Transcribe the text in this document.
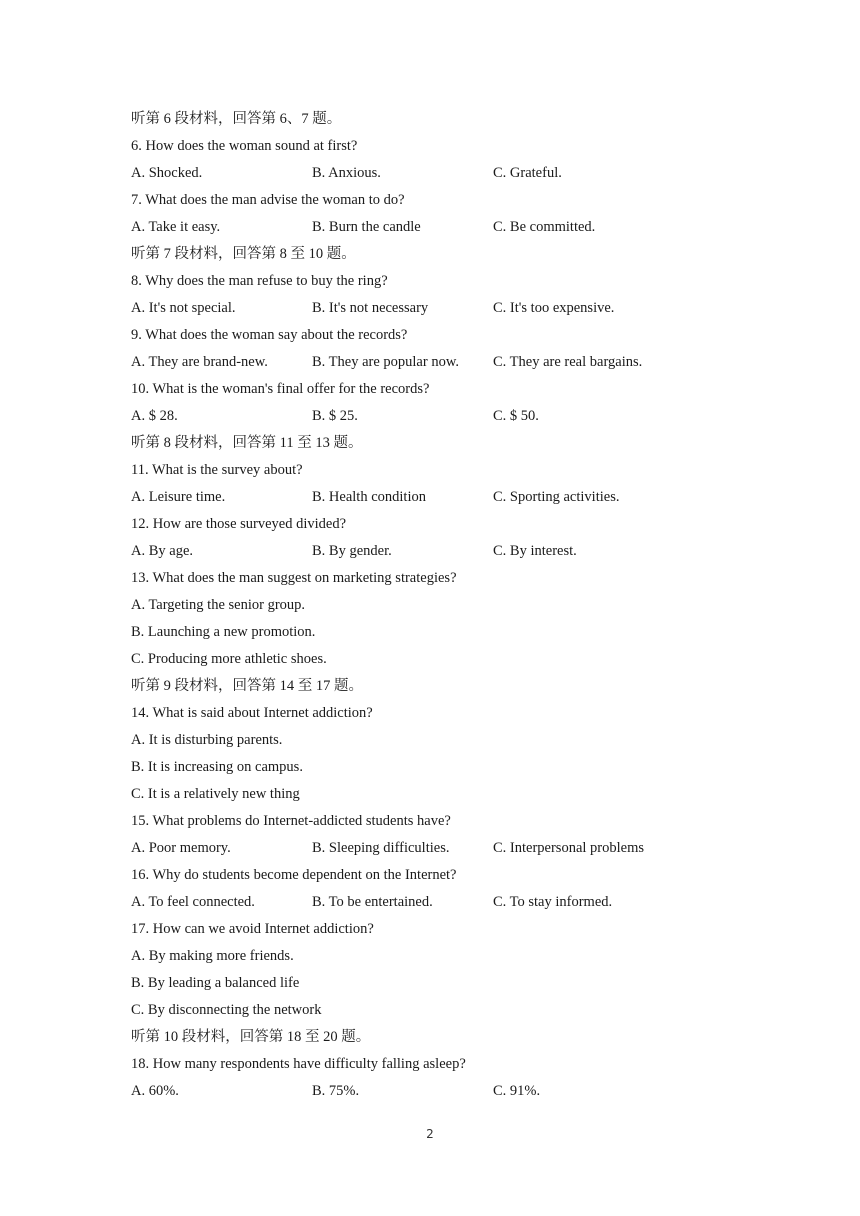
听第 6 段材料，回答第 6、7 题。
6. How does the woman sound at first?
A. Shocked.	B. Anxious.	C. Grateful.
7. What does the man advise the woman to do?
A. Take it easy.	B. Burn the candle	C. Be committed.
听第 7 段材料，回答第 8 至 10 题。
8. Why does the man refuse to buy the ring?
A. It's not special.	B. It's not necessary	C. It's too expensive.
9. What does the woman say about the records?
A. They are brand-new.	B. They are popular now. C. They are real bargains.
10. What is the woman's final offer for the records?
A. $ 28.	B. $ 25.	C. $ 50.
听第 8 段材料，回答第 11 至 13 题。
11. What is the survey about?
A. Leisure time.	B. Health condition	C. Sporting activities.
12. How are those surveyed divided?
A. By age.	B. By gender.	C. By interest.
13. What does the man suggest on marketing strategies?
A. Targeting the senior group.
B. Launching a new promotion.
C. Producing more athletic shoes.
听第 9 段材料，回答第 14 至 17 题。
14. What is said about Internet addiction?
A. It is disturbing parents.
B. It is increasing on campus.
C. It is a relatively new thing
15. What problems do Internet-addicted students have?
A. Poor memory.	B. Sleeping difficulties.	C. Interpersonal problems
16. Why do students become dependent on the Internet?
A. To feel connected.	B. To be entertained.	C. To stay informed.
17. How can we avoid Internet addiction?
A. By making more friends.
B. By leading a balanced life
C. By disconnecting the network
听第 10 段材料，回答第 18 至 20 题。
18. How many respondents have difficulty falling asleep?
A. 60%.	B. 75%.	C. 91%.
2
